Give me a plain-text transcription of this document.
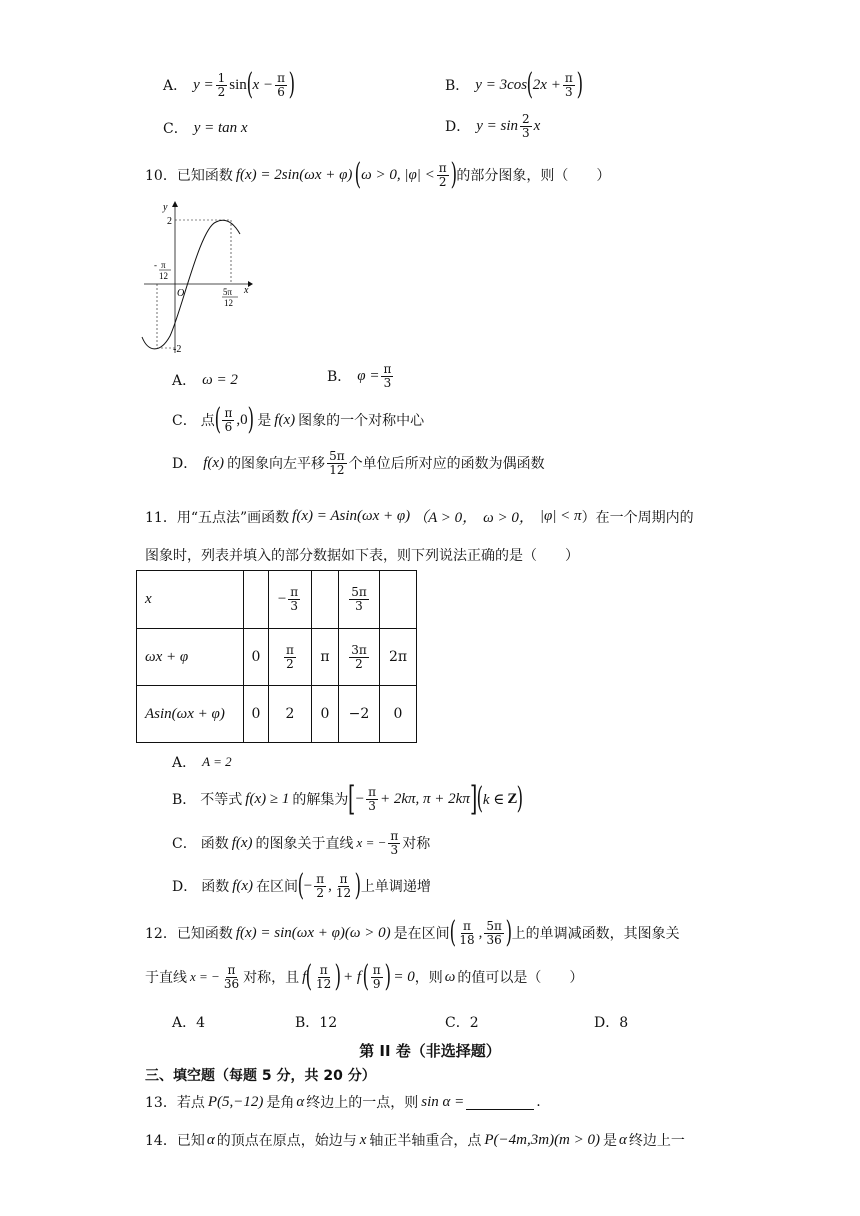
A． $y = \frac{1}{2}$ sin ( $x - \frac{\pi}{6}$ )	B． y = 3cos ( $2x + \frac{\pi}{3}$ )
C． y = tan x	D． $y = \sin \frac{2}{3}$ x
10． 已知函数 f(x) = 2sin(ωx + φ) ( ω > 0, $|\varphi| < \frac{\pi}{2}$ ) 的部分图象，则（　　）
y
x
O
2
-2
- π
12
5π
12
A． ω = 2	B． $\varphi = \frac{\pi}{3}$
C． 点 ( $\frac{\pi}{6} ,0$ ) 是 f(x) 图象的一个对称中心
D． f(x) 的图象向左平移 $\frac{5\pi}{12}$ 个单位后所对应的函数为偶函数
11． 用“五点法”画函数 f(x) = Asin(ωx + φ) （A > 0， ω > 0， |φ| < π ）在一个周期内的
图象时，列表并填入的部分数据如下表，则下列说法正确的是（　　）
x		− $\frac{\pi}{3}$		$\frac{5\pi}{3}$

ωx + φ	0	$\frac{\pi}{2}$	π	$\frac{3\pi}{2}$	2π
Asin(ωx + φ)	0	2	0	−2	0
A． A = 2
B． 不等式 f(x) ≥ 1 的解集为 [ − $\frac{\pi}{3} + 2k\pi$, π + 2kπ ] ( k ∈ Z )
C． 函数 f(x) 的图象关于直线 x = − $\frac{\pi}{3}$ 对称
D． 函数 f(x) 在区间 ( − $\frac{\pi}{2}$ , $\frac{\pi}{12}$ ) 上单调递增
12． 已知函数 f(x) = sin(ωx + φ)(ω > 0) 是在区间 ( $\frac{\pi}{18}$ , $\frac{5\pi}{36}$ ) 上的单调减函数，其图象关
于直线 x = − $\frac{\pi}{36}$ 对称，且 f ( $\frac{\pi}{12}$ ) + f ( $\frac{\pi}{9}$ ) = 0 ，则 ω 的值可以是（　　）
A．4	B．12	C．2	D．8
第 II 卷（非选择题）
三、填空题（每题 5 分，共 20 分）
13． 若点 P(5,−12) 是角 α 终边上的一点，则 sin α =	.
14． 已知 α 的顶点在原点，始边与 x 轴正半轴重合，点 P(−4m,3m)(m > 0) 是 α 终边上一
